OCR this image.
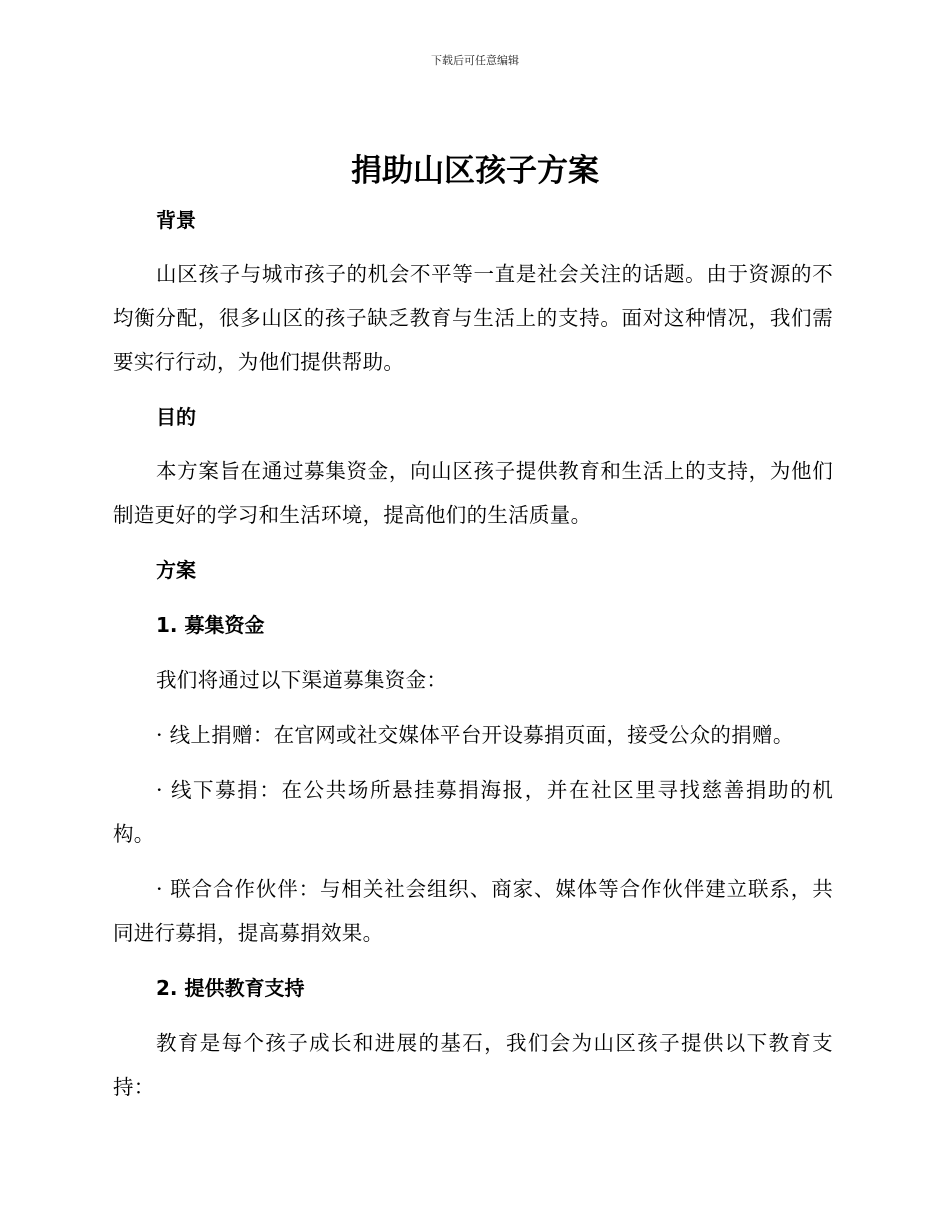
下载后可任意编辑
捐助山区孩子方案
背景

山区孩子与城市孩子的机会不平等一直是社会关注的话题。由于资源的不均衡分配，很多山区的孩子缺乏教育与生活上的支持。面对这种情况，我们需要实行行动，为他们提供帮助。

目的

本方案旨在通过募集资金，向山区孩子提供教育和生活上的支持，为他们制造更好的学习和生活环境，提高他们的生活质量。

方案
1. 募集资金

我们将通过以下渠道募集资金：

· 线上捐赠：在官网或社交媒体平台开设募捐页面，接受公众的捐赠。

· 线下募捐：在公共场所悬挂募捐海报，并在社区里寻找慈善捐助的机构。

· 联合合作伙伴：与相关社会组织、商家、媒体等合作伙伴建立联系，共同进行募捐，提高募捐效果。

2. 提供教育支持

教育是每个孩子成长和进展的基石，我们会为山区孩子提供以下教育支持：
